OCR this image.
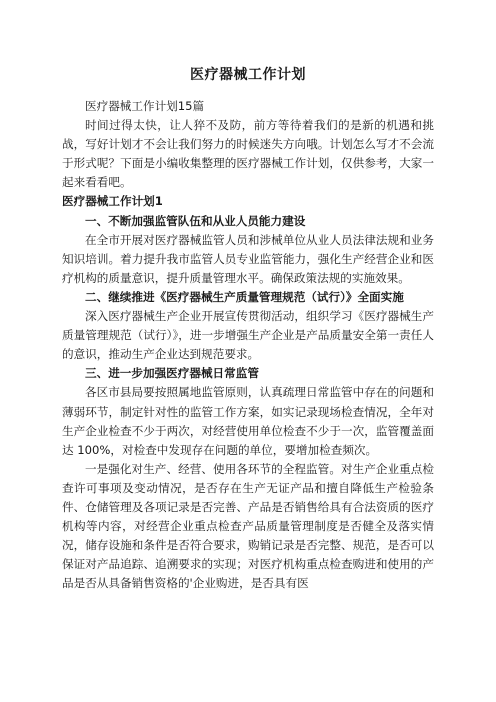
医疗器械工作计划

医疗器械工作计划15篇

时间过得太快，让人猝不及防，前方等待着我们的是新的机遇和挑战，写好计划才不会让我们努力的时候迷失方向哦。计划怎么写才不会流于形式呢？下面是小编收集整理的医疗器械工作计划，仅供参考，大家一起来看看吧。

医疗器械工作计划1

一、不断加强监管队伍和从业人员能力建设

在全市开展对医疗器械监管人员和涉械单位从业人员法律法规和业务知识培训。着力提升我市监管人员专业监管能力，强化生产经营企业和医疗机构的质量意识，提升质量管理水平。确保政策法规的实施效果。

二、继续推进《医疗器械生产质量管理规范（试行）》全面实施

深入医疗器械生产企业开展宣传贯彻活动，组织学习《医疗器械生产质量管理规范（试行）》，进一步增强生产企业是产品质量安全第一责任人的意识，推动生产企业达到规范要求。

三、进一步加强医疗器械日常监管

各区市县局要按照属地监管原则，认真疏理日常监管中存在的问题和薄弱环节，制定针对性的监管工作方案，如实记录现场检查情况，全年对生产企业检查不少于两次，对经营使用单位检查不少于一次，监管覆盖面达 100%，对检查中发现存在问题的单位，要增加检查频次。

一是强化对生产、经营、使用各环节的全程监管。对生产企业重点检查许可事项及变动情况，是否存在生产无证产品和擅自降低生产检验条件、仓储管理及各项记录是否完善、产品是否销售给具有合法资质的医疗机构等内容，对经营企业重点检查产品质量管理制度是否健全及落实情况，储存设施和条件是否符合要求，购销记录是否完整、规范，是否可以保证对产品追踪、追溯要求的实现；对医疗机构重点检查购进和使用的产品是否从具备销售资格的'企业购进，是否具有医
